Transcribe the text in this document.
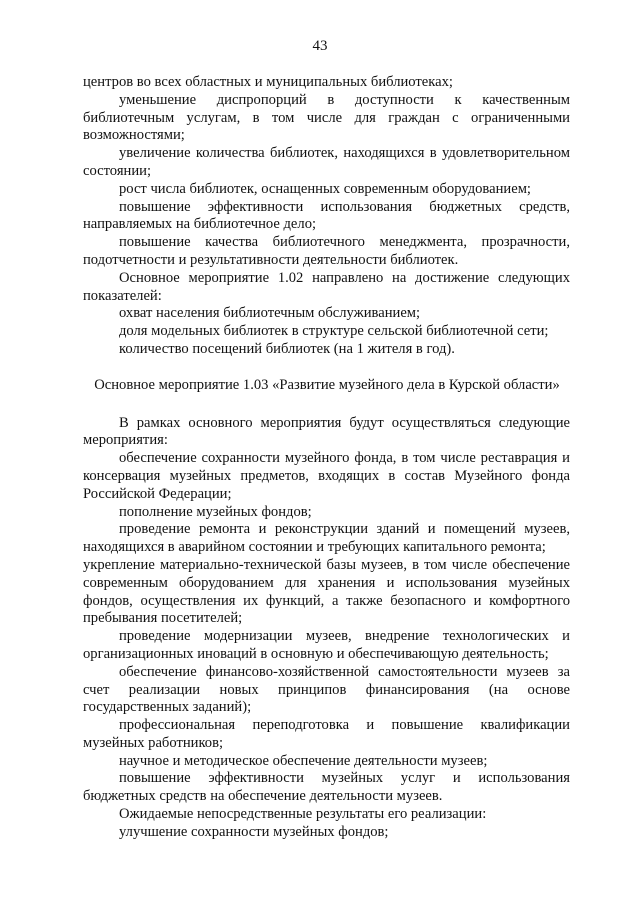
43

центров во всех областных и муниципальных библиотеках;

уменьшение диспропорций в доступности к качественным библиотечным услугам, в том числе для граждан с ограниченными возможностями;

увеличение количества библиотек, находящихся в удовлетворительном состоянии;

рост числа библиотек, оснащенных современным оборудованием;

повышение эффективности использования бюджетных средств, направляемых на библиотечное дело;

повышение качества библиотечного менеджмента, прозрачности, подотчетности и результативности деятельности библиотек.

Основное мероприятие 1.02 направлено на достижение следующих показателей:

охват населения библиотечным обслуживанием;

доля модельных библиотек в структуре сельской библиотечной сети;

количество посещений библиотек (на 1 жителя в год).

Основное мероприятие 1.03 «Развитие музейного дела в Курской области»

В рамках основного мероприятия будут осуществляться следующие мероприятия:

обеспечение сохранности музейного фонда, в том числе реставрация и консервация музейных предметов, входящих в состав Музейного фонда Российской Федерации;

пополнение музейных фондов;

проведение ремонта и реконструкции зданий и помещений музеев, находящихся в аварийном состоянии и требующих капитального ремонта;

укрепление материально-технической базы музеев, в том числе обеспечение современным оборудованием для хранения и использования музейных фондов, осуществления их функций, а также безопасного и комфортного пребывания посетителей;

проведение модернизации музеев, внедрение технологических и организационных иноваций в основную и обеспечивающую деятельность;

обеспечение финансово-хозяйственной самостоятельности музеев за счет реализации новых принципов финансирования (на основе государственных заданий);

профессиональная переподготовка и повышение квалификации музейных работников;

научное и методическое обеспечение деятельности музеев;

повышение эффективности музейных услуг и использования бюджетных средств на обеспечение деятельности музеев.

Ожидаемые непосредственные результаты его реализации:

улучшение сохранности музейных фондов;
